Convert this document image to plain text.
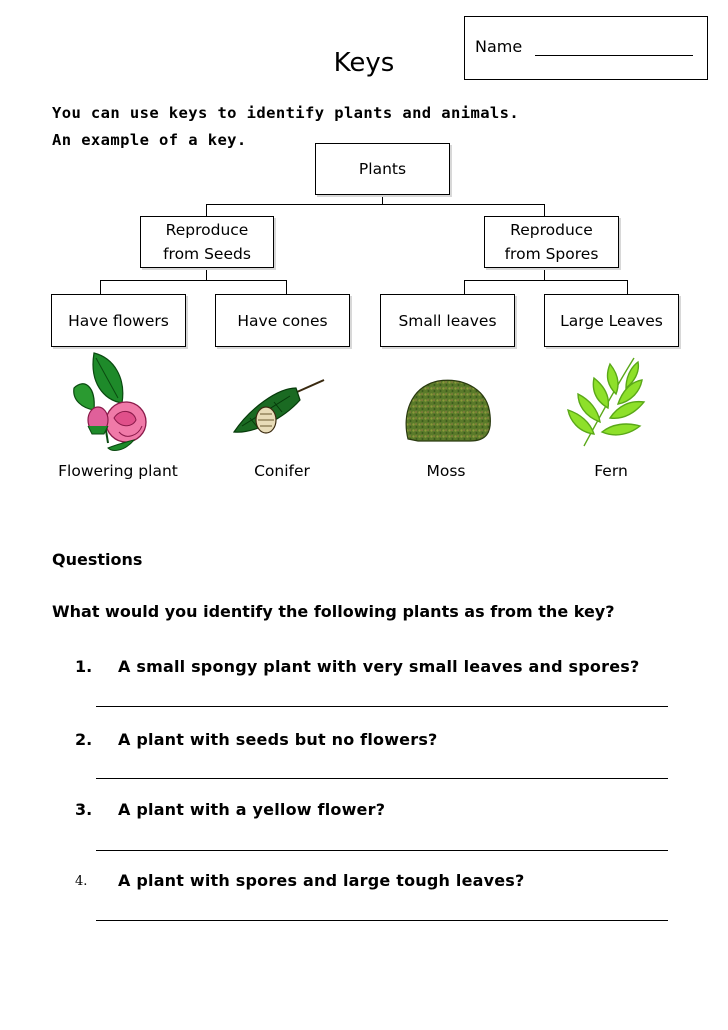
Name
Keys
You can use keys to identify plants and animals.
An example of a key.
Plants
Reproduce
from Seeds
Reproduce
from Spores
Have flowers	Have cones	Small leaves	Large Leaves
Flowering plant	Conifer	Moss	Fern
Questions
What would you identify the following plants as from the key?
1. A small spongy plant with very small leaves and spores?
2. A plant with seeds but no flowers?
3. A plant with a yellow flower?
4. A plant with spores and large tough leaves?
